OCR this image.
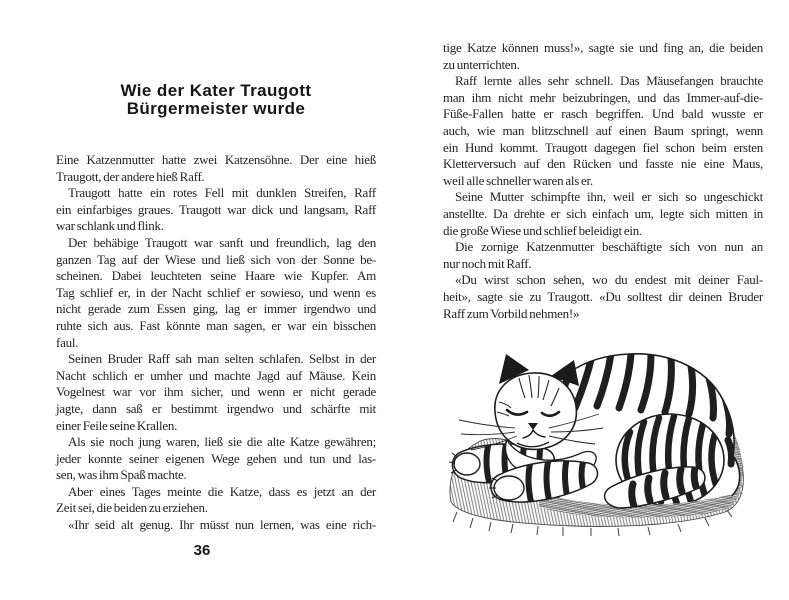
Wie der Kater Traugott
Bürgermeister wurde
Eine Katzenmutter hatte zwei Katzensöhne. Der eine hieß
Traugott, der andere hieß Raff.
Traugott hatte ein rotes Fell mit dunklen Streifen, Raff
ein einfarbiges graues. Traugott war dick und langsam, Raff
war schlank und flink.
Der behäbige Traugott war sanft und freundlich, lag den
ganzen Tag auf der Wiese und ließ sich von der Sonne be-
scheinen. Dabei leuchteten seine Haare wie Kupfer. Am
Tag schlief er, in der Nacht schlief er sowieso, und wenn es
nicht gerade zum Essen ging, lag er immer irgendwo und
ruhte sich aus. Fast könnte man sagen, er war ein bisschen
faul.
Seinen Bruder Raff sah man selten schlafen. Selbst in der
Nacht schlich er umher und machte Jagd auf Mäuse. Kein
Vogelnest war vor ihm sicher, und wenn er nicht gerade
jagte, dann saß er bestimmt irgendwo und schärfte mit
einer Feile seine Krallen.
Als sie noch jung waren, ließ sie die alte Katze gewähren;
jeder konnte seiner eigenen Wege gehen und tun und las-
sen, was ihm Spaß machte.
Aber eines Tages meinte die Katze, dass es jetzt an der
Zeit sei, die beiden zu erziehen.
«Ihr seid alt genug. Ihr müsst nun lernen, was eine rich-
36
tige Katze können muss!», sagte sie und fing an, die beiden
zu unterrichten.
Raff lernte alles sehr schnell. Das Mäusefangen brauchte
man ihm nicht mehr beizubringen, und das Immer-auf-die-
Füße-Fallen hatte er rasch begriffen. Und bald wusste er
auch, wie man blitzschnell auf einen Baum springt, wenn
ein Hund kommt. Traugott dagegen fiel schon beim ersten
Kletterversuch auf den Rücken und fasste nie eine Maus,
weil alle schneller waren als er.
Seine Mutter schimpfte ihn, weil er sich so ungeschickt
anstellte. Da drehte er sich einfach um, legte sich mitten in
die große Wiese und schlief beleidigt ein.
Die zornige Katzenmutter beschäftigte sich von nun an
nur noch mit Raff.
«Du wirst schon sehen, wo du endest mit deiner Faul-
heit», sagte sie zu Traugott. «Du solltest dir deinen Bruder
Raff zum Vorbild nehmen!»
